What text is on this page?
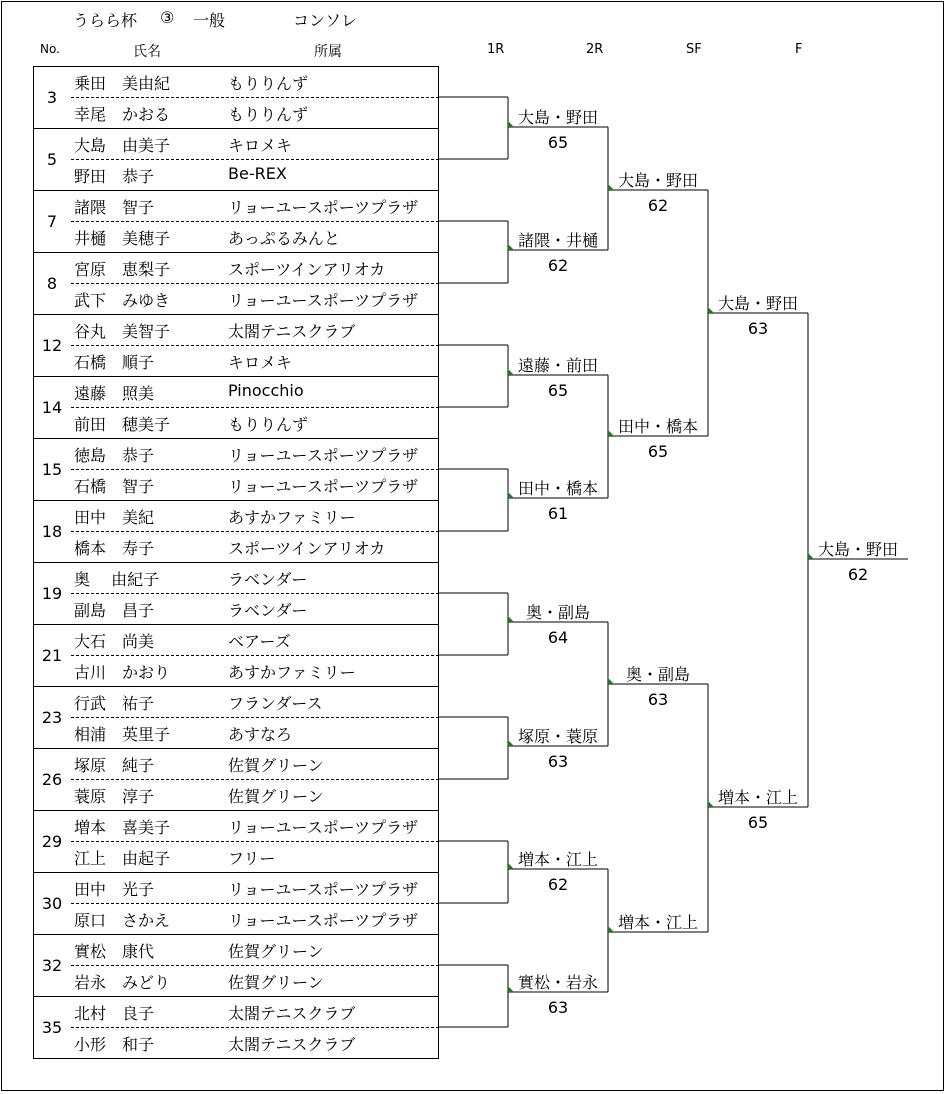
うらら杯 ③ 一般	コンソレ
No.	氏名	所属	1R	2R	SF	F
3
乗田　美由紀	もりりんず
幸尾　かおる	もりりんず
5
大島　由美子	キロメキ
野田　恭子	Be-REX
7
諸隈　智子	リョーユースポーツプラザ
井樋　美穂子	あっぷるみんと
8
宮原　恵梨子	スポーツインアリオカ
武下　みゆき	リョーユースポーツプラザ
12
谷丸　美智子	太閤テニスクラブ
石橋　順子	キロメキ
14
遠藤　照美	Pinocchio
前田　穂美子	もりりんず
15
徳島　恭子	リョーユースポーツプラザ
石橋　智子	リョーユースポーツプラザ
18
田中　美紀	あすかファミリー
橋本　寿子	スポーツインアリオカ
19
奥　 由紀子	ラベンダー
副島　昌子	ラベンダー
21
大石　尚美	ベアーズ
古川　かおり	あすかファミリー
23
行武　祐子	フランダース
相浦　英里子	あすなろ
26
塚原　純子	佐賀グリーン
蓑原　淳子	佐賀グリーン
29
増本　喜美子	リョーユースポーツプラザ
江上　由起子	フリー
30
田中　光子	リョーユースポーツプラザ
原口　さかえ	リョーユースポーツプラザ
32
實松　康代	佐賀グリーン
岩永　みどり	佐賀グリーン
35
北村　良子	太閤テニスクラブ
小形　和子	太閤テニスクラブ
大島・野田
65
諸隈・井樋
62
遠藤・前田
65
田中・橋本
61
奥・副島
64
塚原・蓑原
63
増本・江上
62
實松・岩永
63
大島・野田
62
田中・橋本
65
奥・副島
63
増本・江上
大島・野田
63
増本・江上
65
大島・野田
62
